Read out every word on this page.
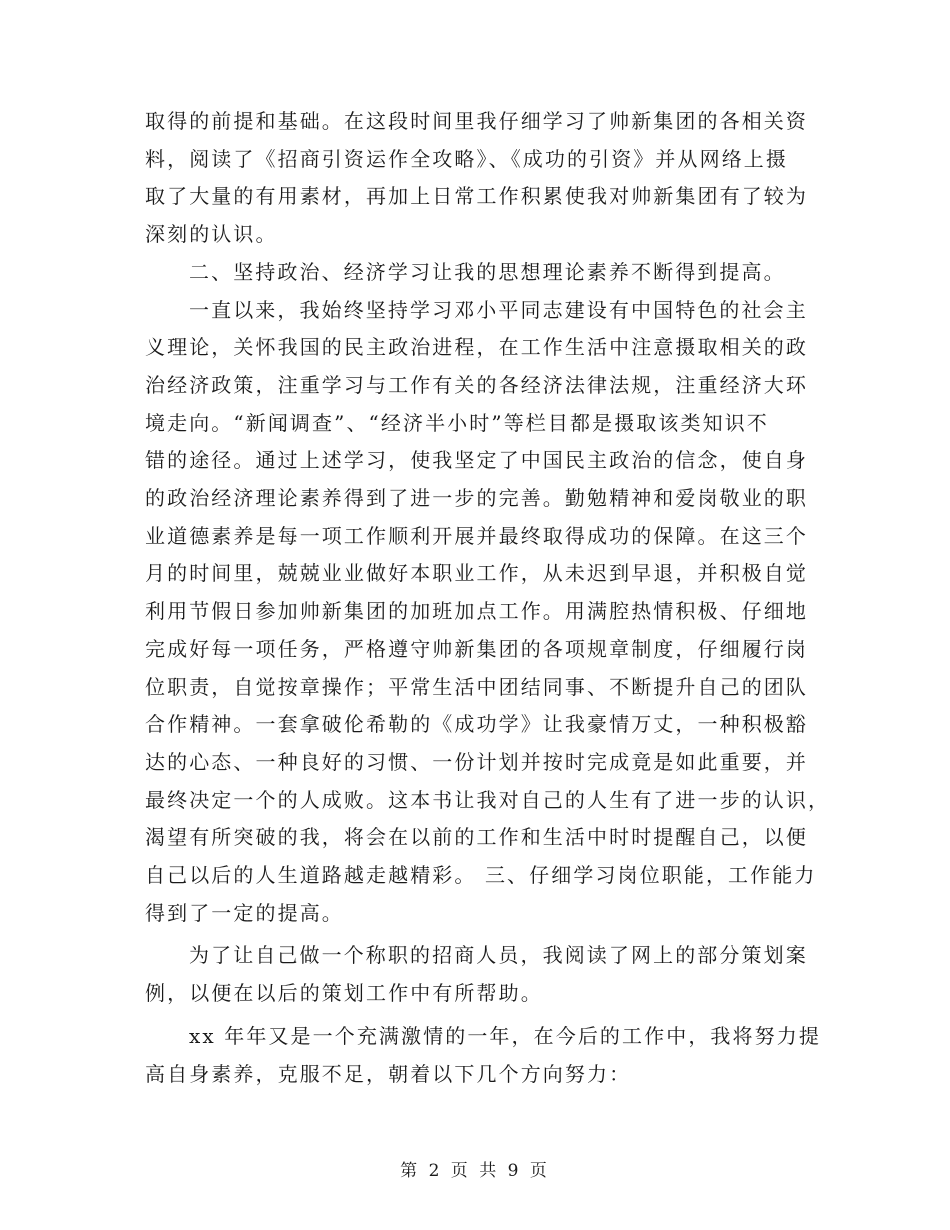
取得的前提和基础。在这段时间里我仔细学习了帅新集团的各相关资
料，阅读了《招商引资运作全攻略》、《成功的引资》并从网络上摄
取了大量的有用素材，再加上日常工作积累使我对帅新集团有了较为
深刻的认识。
二、坚持政治、经济学习让我的思想理论素养不断得到提高。
一直以来，我始终坚持学习邓小平同志建设有中国特色的社会主
义理论，关怀我国的民主政治进程，在工作生活中注意摄取相关的政
治经济政策，注重学习与工作有关的各经济法律法规，注重经济大环
境走向。“新闻调查”、“经济半小时”等栏目都是摄取该类知识不
错的途径。通过上述学习，使我坚定了中国民主政治的信念，使自身
的政治经济理论素养得到了进一步的完善。勤勉精神和爱岗敬业的职
业道德素养是每一项工作顺利开展并最终取得成功的保障。在这三个
月的时间里，兢兢业业做好本职业工作，从未迟到早退，并积极自觉
利用节假日参加帅新集团的加班加点工作。用满腔热情积极、仔细地
完成好每一项任务，严格遵守帅新集团的各项规章制度，仔细履行岗
位职责，自觉按章操作；平常生活中团结同事、不断提升自己的团队
合作精神。一套拿破伦希勒的《成功学》让我豪情万丈，一种积极豁
达的心态、一种良好的习惯、一份计划并按时完成竟是如此重要，并
最终决定一个的人成败。这本书让我对自己的人生有了进一步的认识，
渴望有所突破的我，将会在以前的工作和生活中时时提醒自己，以便
自己以后的人生道路越走越精彩。 三、仔细学习岗位职能，工作能力
得到了一定的提高。
为了让自己做一个称职的招商人员，我阅读了网上的部分策划案
例，以便在以后的策划工作中有所帮助。
xx 年年又是一个充满激情的一年，在今后的工作中，我将努力提
高自身素养，克服不足，朝着以下几个方向努力：
第 2 页 共 9 页
